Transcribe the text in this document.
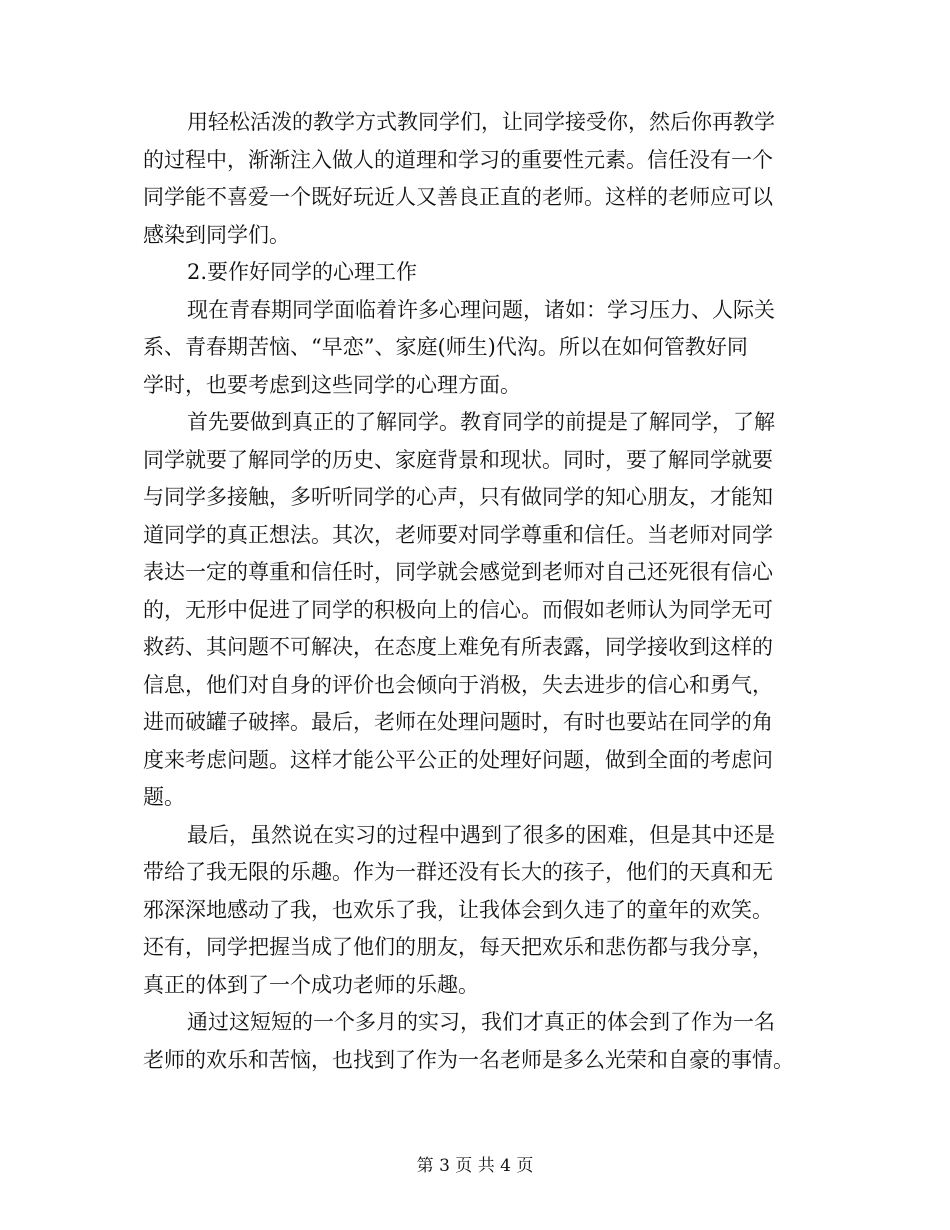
用轻松活泼的教学方式教同学们，让同学接受你，然后你再教学
的过程中，渐渐注入做人的道理和学习的重要性元素。信任没有一个
同学能不喜爱一个既好玩近人又善良正直的老师。这样的老师应可以
感染到同学们。
2.要作好同学的心理工作
现在青春期同学面临着许多心理问题，诸如：学习压力、人际关
系、青春期苦恼、“早恋”、家庭(师生)代沟。所以在如何管教好同
学时，也要考虑到这些同学的心理方面。
首先要做到真正的了解同学。教育同学的前提是了解同学，了解
同学就要了解同学的历史、家庭背景和现状。同时，要了解同学就要
与同学多接触，多听听同学的心声，只有做同学的知心朋友，才能知
道同学的真正想法。其次，老师要对同学尊重和信任。当老师对同学
表达一定的尊重和信任时，同学就会感觉到老师对自己还死很有信心
的，无形中促进了同学的积极向上的信心。而假如老师认为同学无可
救药、其问题不可解决，在态度上难免有所表露，同学接收到这样的
信息，他们对自身的评价也会倾向于消极，失去进步的信心和勇气，
进而破罐子破摔。最后，老师在处理问题时，有时也要站在同学的角
度来考虑问题。这样才能公平公正的处理好问题，做到全面的考虑问
题。
最后，虽然说在实习的过程中遇到了很多的困难，但是其中还是
带给了我无限的乐趣。作为一群还没有长大的孩子，他们的天真和无
邪深深地感动了我，也欢乐了我，让我体会到久违了的童年的欢笑。
还有，同学把握当成了他们的朋友，每天把欢乐和悲伤都与我分享，
真正的体到了一个成功老师的乐趣。
通过这短短的一个多月的实习，我们才真正的体会到了作为一名
老师的欢乐和苦恼，也找到了作为一名老师是多么光荣和自豪的事情。
第 3 页 共 4 页
